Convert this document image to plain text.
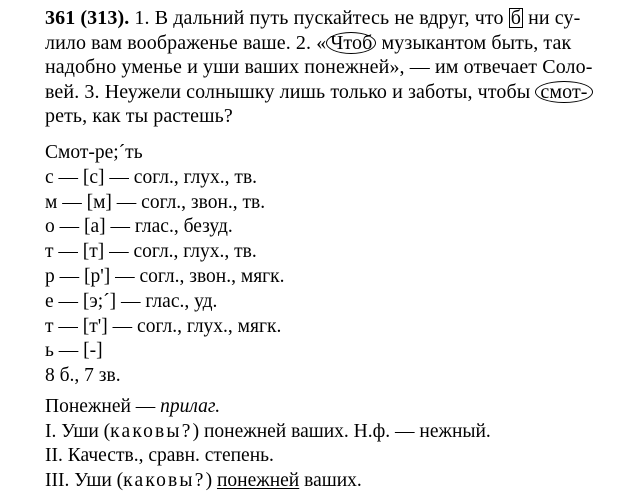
361 (313). 1. В дальний путь пускайтесь не вдруг, что б ни су-
лило вам воображенье ваше. 2. « Чтоб музыкантом быть, так
надобно уменье и уши ваших понежней», — им отвечает Соло-
вей. 3. Неужели солнышку лишь только и заботы, чтобы смот-
реть, как ты растешь?
Смот-ре;´ть
с — [с] — согл., глух., тв.
м — [м] — согл., звон., тв.
о — [а] — глас., безуд.
т — [т] — согл., глух., тв.
р — [р'] — согл., звон., мягк.
е — [э;´] — глас., уд.
т — [т'] — согл., глух., мягк.
ь — [-]
8 б., 7 зв.
Понежней — прилаг.
I. Уши (каковы?) понежней ваших. Н.ф. — нежный.
II. Качеств., сравн. степень.
III. Уши (каковы?) понежней ваших.
